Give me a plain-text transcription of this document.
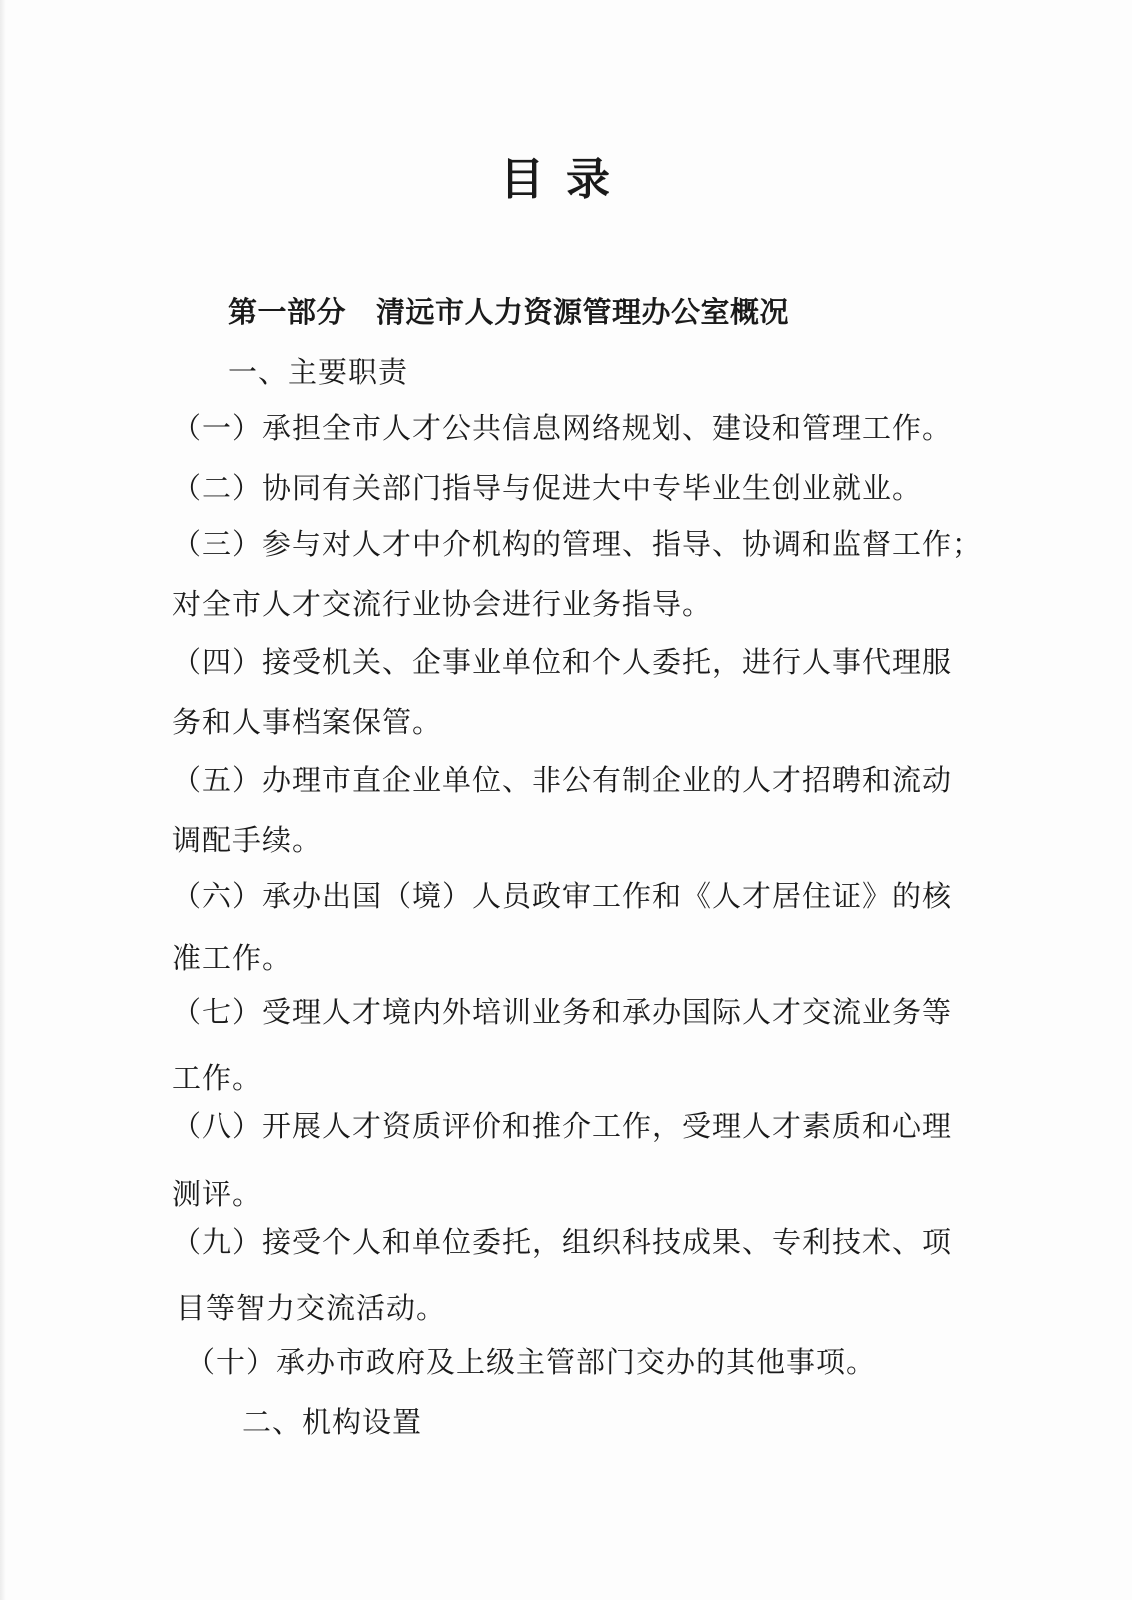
目录
第一部分 清远市人力资源管理办公室概况
一、主要职责
（一）承担全市人才公共信息网络规划、建设和管理工作。
（二）协同有关部门指导与促进大中专毕业生创业就业。
（三）参与对人才中介机构的管理、指导、协调和监督工作；
对全市人才交流行业协会进行业务指导。
（四）接受机关、企事业单位和个人委托，进行人事代理服
务和人事档案保管。
（五）办理市直企业单位、非公有制企业的人才招聘和流动
调配手续。
（六）承办出国（境）人员政审工作和《人才居住证》的核
准工作。
（七）受理人才境内外培训业务和承办国际人才交流业务等
工作。
（八）开展人才资质评价和推介工作，受理人才素质和心理
测评。
（九）接受个人和单位委托，组织科技成果、专利技术、项
目等智力交流活动。
（十）承办市政府及上级主管部门交办的其他事项。
二、机构设置
